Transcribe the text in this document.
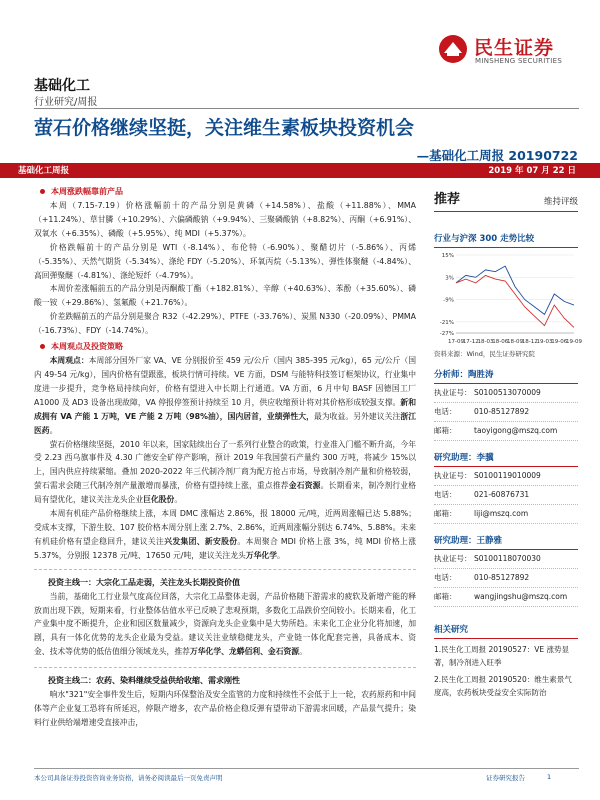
民生证券
MINSHENG SECURITIES
基础化工
行业研究/周报
萤石价格继续坚挺，关注维生素板块投资机会
—基础化工周报 20190722
基础化工周报	2019 年 07 月 22 日
本周涨跌幅靠前产品

本周（7.15-7.19）价格涨幅前十的产品分别是黄磷（+14.58%）、盐酸（+11.88%）、MMA（+11.24%）、草甘膦（+10.29%）、六偏磷酸钠（+9.94%）、三聚磷酸钠（+8.82%）、丙酮（+6.91%）、双氧水（+6.35%）、磷酸（+5.95%）、纯 MDI（+5.37%）。

价格跌幅前十的产品分别是 WTI（-8.14%）、布伦特（-6.90%）、聚醋切片（-5.86%）、丙烯（-5.35%）、天然气期货（-5.34%）、涤纶 FDY（-5.20%）、环氧丙烷（-5.13%）、弹性体聚醚（-4.84%）、高回弹聚醚（-4.81%）、涤纶短纤（-4.79%）。

本周价差涨幅前五的产品分别是丙酮酸丁酯（+182.81%）、辛醇（+40.63%）、苯酚（+35.60%）、磷酸一铵（+29.86%）、氢氟酸（+21.76%）。

价差跌幅前五的产品分别是聚合 R32（-42.29%）、PTFE（-33.76%）、炭黑 N330（-20.09%）、PMMA（-16.73%）、FDY（-14.74%）。

本周观点及投资策略

本周观点：本周部分国外厂家 VA、VE 分别报价至 459 元/公斤（国内 385-395 元/kg），65 元/公斤（国内 49-54 元/kg），国内价格有望跟涨，板块行情可持续。VE 方面，DSM 与能特科技签订框架协议，行业集中度进一步提升，竞争格局持续向好，价格有望进入中长期上行通道。VA 方面，6 月中旬 BASF 因德国工厂 A1000 及 AD3 设备出现故障，VA 停报停签预计持续至 10 月，供应收缩预计将对其价格形成较强支撑。新和成拥有 VA 产能 1 万吨，VE 产能 2 万吨（98%油），国内居首，业绩弹性大，最为收益。另外建议关注浙江医药。

萤石价格继续坚挺，2010 年以来，国家陆续出台了一系列行业整合的政策，行业准入门槛不断升高，今年受 2.23 西乌旗事件及 4.30 广德安全矿停产影响，预计 2019 年我国萤石产量约 300 万吨，将减少 15%以上，国内供应持续紧缩。叠加 2020-2022 年三代制冷剂厂商为配方抢占市场，导致制冷剂产量和价格较弱，萤石需求会随三代制冷剂产量激增而暴涨，价格有望持续上涨，重点推荐金石资源。长期看来，制冷剂行业格局有望优化，建议关注龙头企业巨化股份。

本周有机硅产品价格继续上涨，本周 DMC 涨幅达 2.86%，报 18000 元/吨，近两周涨幅已达 5.88%；受成本支撑，下游生胶、107 胶价格本周分别上涨 2.7%、2.86%，近两周涨幅分别达 6.74%、5.88%。未来有机硅价格有望企稳回升，建议关注兴发集团、新安股份。本周聚合 MDI 价格上涨 3%，纯 MDI 价格上涨 5.37%，分别报 12378 元/吨、17650 元/吨，建议关注龙头万华化学。

投资主线一：大宗化工品走弱，关注龙头长期投资价值

当前，基础化工行业景气度高位回落，大宗化工品整体走弱，产品价格随下游需求的疲软及新增产能的释放而出现下跌，短期来看，行业整体估值水平已反映了悲观预期，多数化工品跌价空间较小。长期来看，化工产业集中度不断提升，企业和园区数量减少，资源向龙头企业集中是大势所趋。未来化工企业分化将加速，加剧，具有一体化优势的龙头企业最为受益。建议关注业绩稳健龙头，产业链一体化配套完善，具备成本、资金、技术等优势的低估值细分领域龙头，推荐万华化学、龙蟒佰利、金石资源。

投资主线二：农药、染料继续受益供给收缩、需求刚性

响水"321"安全事件发生后，短期内环保整治及安全监管的力度和持续性不会低于上一轮，农药原药和中间体等产企业复工恐将有所延迟，停限产增多，农产品价格企稳反弹有望带动下游需求回暖，产品景气提升；染料行业供给端增速受直接冲击，

推荐	维持评级
行业与沪深 300 走势比较
15%
3%
-9%
-21%
-27%
17-09
17-12
18-03
18-06
18-09
18-12
19-03
19-06
19-09
资料来源：Wind，民生证券研究院
分析师：陶胜涛
执业证号： S0100513070009
电话：	010-85127892
邮箱：	taoyigong@mszq.com
研究助理：李骥
执业证号： S0100119010009
电话：	021-60876731
邮箱：	liji@mszq.com
研究助理：王静雅
执业证号： S0100118070030
电话：	010-85127892
邮箱：	wangjingshu@mszq.com
相关研究
1.民生化工周报 20190527：VE 涨势显著，制冷剂进入旺季
2.民生化工周报 20190520：维生素景气度高，农药板块受益安全实际防治
本公司具备证券投资咨询业务资格，请务必阅读最后一页免责声明	证券研究报告	1
